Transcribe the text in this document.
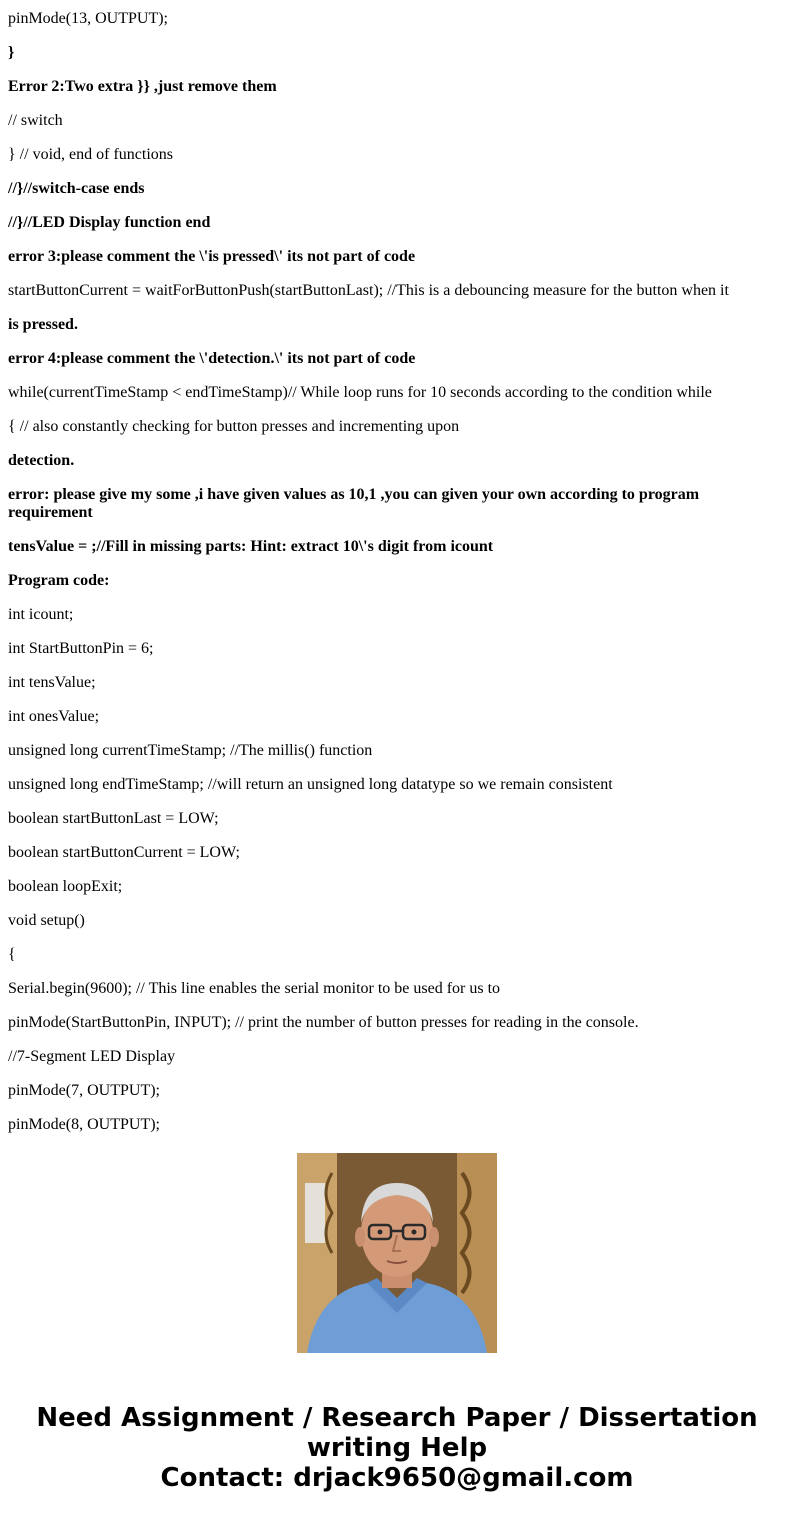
pinMode(13, OUTPUT);
}
Error 2:Two extra }} ,just remove them
// switch
} // void, end of functions
//}//switch-case ends
//}//LED Display function end
error 3:please comment the \'is pressed\' its not part of code
startButtonCurrent = waitForButtonPush(startButtonLast); //This is a debouncing measure for the button when it
is pressed.
error 4:please comment the \'detection.\' its not part of code
while(currentTimeStamp < endTimeStamp)// While loop runs for 10 seconds according to the condition while
{ // also constantly checking for button presses and incrementing upon
detection.
error: please give my some ,i have given values as 10,1 ,you can given your own according to program requirement
tensValue = ;//Fill in missing parts: Hint: extract 10\'s digit from icount
Program code:
int icount;
int StartButtonPin = 6;
int tensValue;
int onesValue;
unsigned long currentTimeStamp; //The millis() function
unsigned long endTimeStamp; //will return an unsigned long datatype so we remain consistent
boolean startButtonLast = LOW;
boolean startButtonCurrent = LOW;
boolean loopExit;
void setup()
{
Serial.begin(9600); // This line enables the serial monitor to be used for us to
pinMode(StartButtonPin, INPUT); // print the number of button presses for reading in the console.
//7-Segment LED Display
pinMode(7, OUTPUT);
pinMode(8, OUTPUT);
Need Assignment / Research Paper / Dissertation writing Help
Contact: drjack9650@gmail.com
